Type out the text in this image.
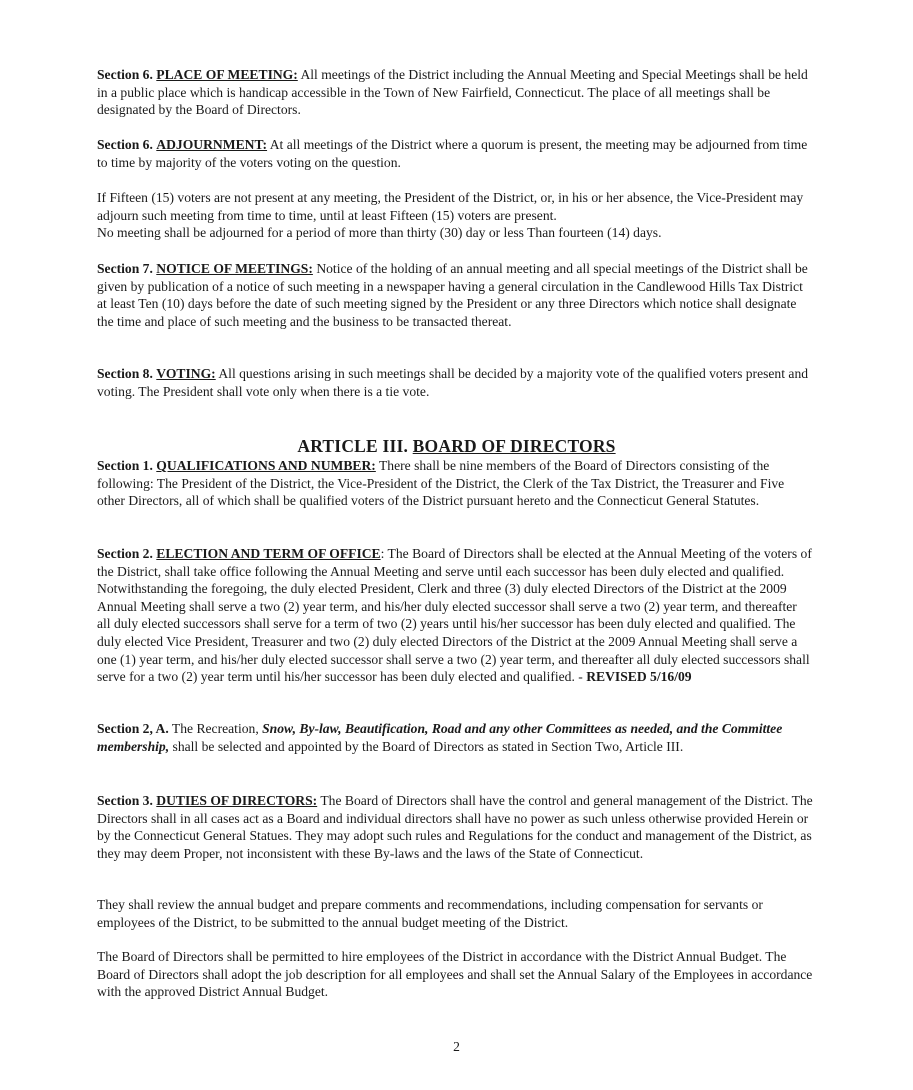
Section 6. PLACE OF MEETING: All meetings of the District including the Annual Meeting and Special Meetings shall be held in a public place which is handicap accessible in the Town of New Fairfield, Connecticut. The place of all meetings shall be designated by the Board of Directors.

Section 6. ADJOURNMENT: At all meetings of the District where a quorum is present, the meeting may be adjourned from time to time by majority of the voters voting on the question.

If Fifteen (15) voters are not present at any meeting, the President of the District, or, in his or her absence, the Vice-President may adjourn such meeting from time to time, until at least Fifteen (15) voters are present.

No meeting shall be adjourned for a period of more than thirty (30) day or less Than fourteen (14) days.

Section 7. NOTICE OF MEETINGS: Notice of the holding of an annual meeting and all special meetings of the District shall be given by publication of a notice of such meeting in a newspaper having a general circulation in the Candlewood Hills Tax District at least Ten (10) days before the date of such meeting signed by the President or any three Directors which notice shall designate the time and place of such meeting and the business to be transacted thereat.

Section 8. VOTING: All questions arising in such meetings shall be decided by a majority vote of the qualified voters present and voting. The President shall vote only when there is a tie vote.

ARTICLE III. BOARD OF DIRECTORS

Section 1. QUALIFICATIONS AND NUMBER: There shall be nine members of the Board of Directors consisting of the following: The President of the District, the Vice-President of the District, the Clerk of the Tax District, the Treasurer and Five other Directors, all of which shall be qualified voters of the District pursuant hereto and the Connecticut General Statutes.

Section 2. ELECTION AND TERM OF OFFICE: The Board of Directors shall be elected at the Annual Meeting of the voters of the District, shall take office following the Annual Meeting and serve until each successor has been duly elected and qualified. Notwithstanding the foregoing, the duly elected President, Clerk and three (3) duly elected Directors of the District at the 2009 Annual Meeting shall serve a two (2) year term, and his/her duly elected successor shall serve a two (2) year term, and thereafter all duly elected successors shall serve for a term of two (2) years until his/her successor has been duly elected and qualified. The duly elected Vice President, Treasurer and two (2) duly elected Directors of the District at the 2009 Annual Meeting shall serve a one (1) year term, and his/her duly elected successor shall serve a two (2) year term, and thereafter all duly elected successors shall serve for a two (2) year term until his/her successor has been duly elected and qualified. - REVISED 5/16/09

Section 2, A. The Recreation, Snow, By-law, Beautification, Road and any other Committees as needed, and the Committee membership, shall be selected and appointed by the Board of Directors as stated in Section Two, Article III.

Section 3. DUTIES OF DIRECTORS: The Board of Directors shall have the control and general management of the District. The Directors shall in all cases act as a Board and individual directors shall have no power as such unless otherwise provided Herein or by the Connecticut General Statues. They may adopt such rules and Regulations for the conduct and management of the District, as they may deem Proper, not inconsistent with these By-laws and the laws of the State of Connecticut.

They shall review the annual budget and prepare comments and recommendations, including compensation for servants or employees of the District, to be submitted to the annual budget meeting of the District.

The Board of Directors shall be permitted to hire employees of the District in accordance with the District Annual Budget. The Board of Directors shall adopt the job description for all employees and shall set the Annual Salary of the Employees in accordance with the approved District Annual Budget.

2
